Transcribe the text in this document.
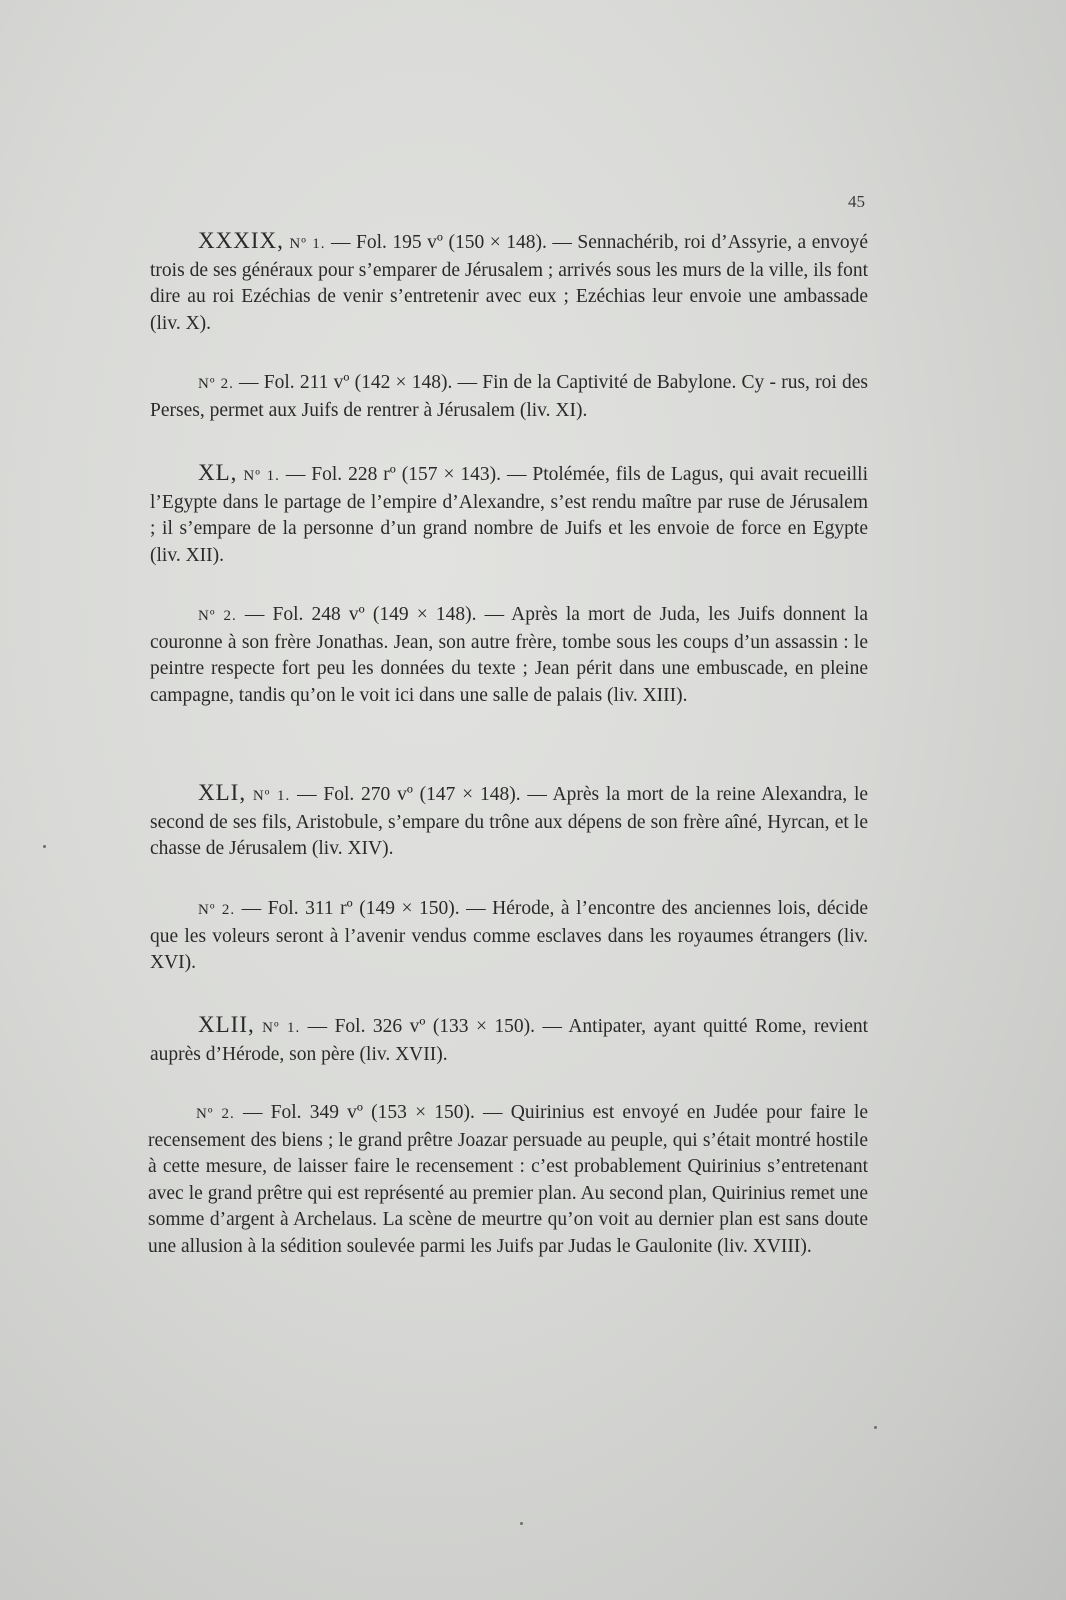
45

XXXIX, Nº 1. — Fol. 195 vº (150 × 148). — Sennachérib, roi d’Assyrie, a envoyé trois de ses généraux pour s’emparer de Jérusalem ; arrivés sous les murs de la ville, ils font dire au roi Ezéchias de venir s’entretenir avec eux ; Ezéchias leur envoie une ambassade (liv. X).

Nº 2. — Fol. 211 vº (142 × 148). — Fin de la Captivité de Babylone. Cy - rus, roi des Perses, permet aux Juifs de rentrer à Jérusalem (liv. XI).

XL, Nº 1. — Fol. 228 rº (157 × 143). — Ptolémée, fils de Lagus, qui avait recueilli l’Egypte dans le partage de l’empire d’Alexandre, s’est rendu maître par ruse de Jérusalem ; il s’empare de la personne d’un grand nombre de Juifs et les envoie de force en Egypte (liv. XII).

Nº 2. — Fol. 248 vº (149 × 148). — Après la mort de Juda, les Juifs donnent la couronne à son frère Jonathas. Jean, son autre frère, tombe sous les coups d’un assassin : le peintre respecte fort peu les données du texte ; Jean périt dans une embuscade, en pleine campagne, tandis qu’on le voit ici dans une salle de palais (liv. XIII).

XLI, Nº 1. — Fol. 270 vº (147 × 148). — Après la mort de la reine Alexandra, le second de ses fils, Aristobule, s’empare du trône aux dépens de son frère aîné, Hyrcan, et le chasse de Jérusalem (liv. XIV).

Nº 2. — Fol. 311 rº (149 × 150). — Hérode, à l’encontre des anciennes lois, décide que les voleurs seront à l’avenir vendus comme esclaves dans les royaumes étrangers (liv. XVI).

XLII, Nº 1. — Fol. 326 vº (133 × 150). — Antipater, ayant quitté Rome, revient auprès d’Hérode, son père (liv. XVII).

Nº 2. — Fol. 349 vº (153 × 150). — Quirinius est envoyé en Judée pour faire le recensement des biens ; le grand prêtre Joazar persuade au peuple, qui s’était montré hostile à cette mesure, de laisser faire le recensement : c’est probablement Quirinius s’entretenant avec le grand prêtre qui est représenté au premier plan. Au second plan, Quirinius remet une somme d’argent à Archelaus. La scène de meurtre qu’on voit au dernier plan est sans doute une allusion à la sédition soulevée parmi les Juifs par Judas le Gaulonite (liv. XVIII).
